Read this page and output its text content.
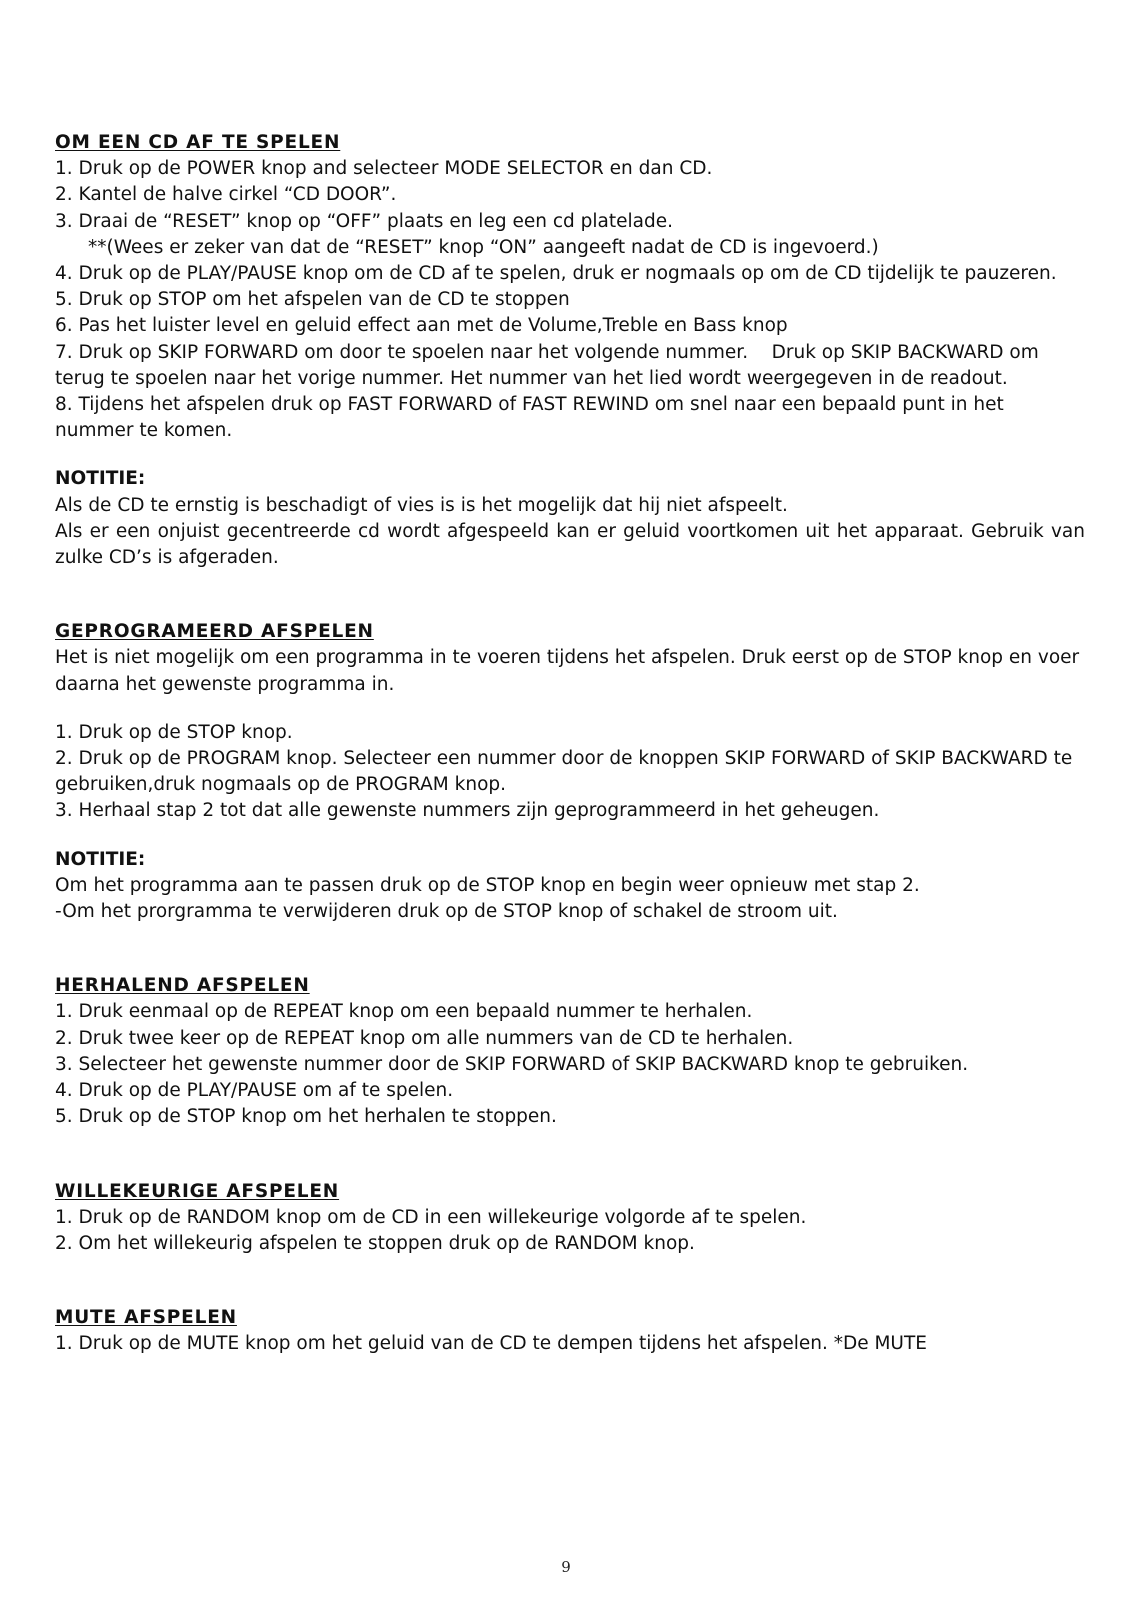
OM EEN CD AF TE SPELEN
1. Druk op de POWER knop and selecteer MODE SELECTOR en dan CD.
2. Kantel de halve cirkel “CD DOOR”.
3. Draai de “RESET” knop op “OFF” plaats en leg een cd platelade.
**(Wees er zeker van dat de “RESET” knop “ON” aangeeft nadat de CD is ingevoerd.)
4. Druk op de PLAY/PAUSE knop om de CD af te spelen, druk er nogmaals op om de CD tijdelijk te pauzeren.
5. Druk op STOP om het afspelen van de CD te stoppen
6. Pas het luister level en geluid effect aan met de Volume,Treble en Bass knop
7. Druk op SKIP FORWARD om door te spoelen naar het volgende nummer.    Druk op SKIP BACKWARD om terug te spoelen naar het vorige nummer. Het nummer van het lied wordt weergegeven in de readout.
8. Tijdens het afspelen druk op FAST FORWARD of FAST REWIND om snel naar een bepaald punt in het nummer te komen.
NOTITIE:
Als de CD te ernstig is beschadigt of vies is is het mogelijk dat hij niet afspeelt.
Als er een onjuist gecentreerde cd wordt afgespeeld kan er geluid voortkomen uit het apparaat. Gebruik van zulke CD’s is afgeraden.
GEPROGRAMEERD AFSPELEN
Het is niet mogelijk om een programma in te voeren tijdens het afspelen. Druk eerst op de STOP knop en voer daarna het gewenste programma in.
1. Druk op de STOP knop.
2. Druk op de PROGRAM knop. Selecteer een nummer door de knoppen SKIP FORWARD of SKIP BACKWARD te gebruiken,druk nogmaals op de PROGRAM knop.
3. Herhaal stap 2 tot dat alle gewenste nummers zijn geprogrammeerd in het geheugen.
NOTITIE:
Om het programma aan te passen druk op de STOP knop en begin weer opnieuw met stap 2.
-Om het prorgramma te verwijderen druk op de STOP knop of schakel de stroom uit.
HERHALEND AFSPELEN
1. Druk eenmaal op de REPEAT knop om een bepaald nummer te herhalen.
2. Druk twee keer op de REPEAT knop om alle nummers van de CD te herhalen.
3. Selecteer het gewenste nummer door de SKIP FORWARD of SKIP BACKWARD knop te gebruiken.
4. Druk op de PLAY/PAUSE om af te spelen.
5. Druk op de STOP knop om het herhalen te stoppen.
WILLEKEURIGE AFSPELEN
1. Druk op de RANDOM knop om de CD in een willekeurige volgorde af te spelen.
2. Om het willekeurig afspelen te stoppen druk op de RANDOM knop.
MUTE AFSPELEN
1. Druk op de MUTE knop om het geluid van de CD te dempen tijdens het afspelen. *De MUTE
9
